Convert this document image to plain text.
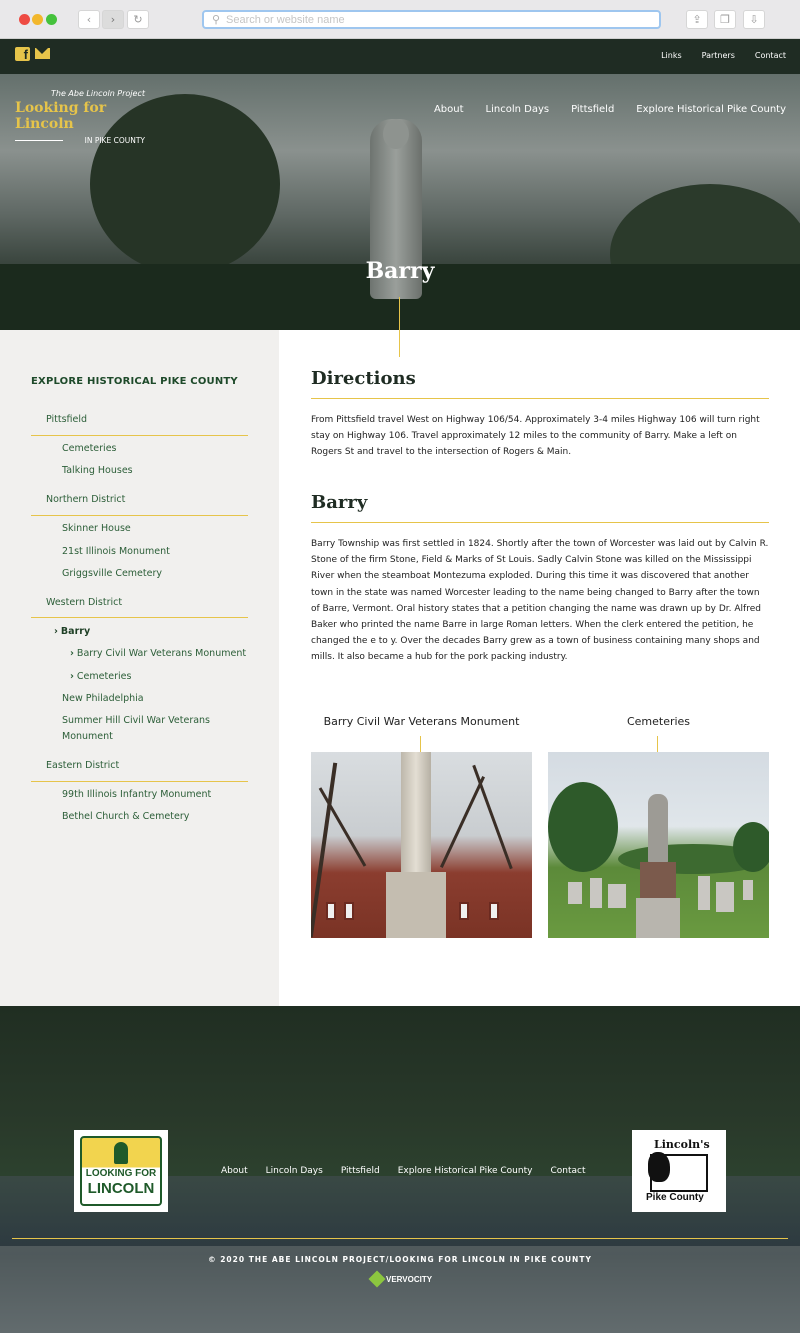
‹	›	↻	⚲
Search or website name	⇪	❐	⇩
f	Links	Partners	Contact
The Abe Lincoln Project
Looking for Lincoln
IN PIKE COUNTY
About Lincoln Days Pittsfield Explore Historical Pike County
Barry
EXPLORE HISTORICAL PIKE COUNTY
Pittsfield
Cemeteries
Talking Houses
Northern District
Skinner House
21st Illinois Monument
Griggsville Cemetery
Western District
› Barry
› Barry Civil War Veterans Monument
› Cemeteries
New Philadelphia
Summer Hill Civil War Veterans Monument
Eastern District
99th Illinois Infantry Monument
Bethel Church & Cemetery
Directions
From Pittsfield travel West on Highway 106/54. Approximately 3-4 miles Highway 106 will turn right stay on Highway 106. Travel approximately 12 miles to the community of Barry. Make a left on Rogers St and travel to the intersection of Rogers & Main.
Barry
Barry Township was first settled in 1824. Shortly after the town of Worcester was laid out by Calvin R. Stone of the firm Stone, Field & Marks of St Louis. Sadly Calvin Stone was killed on the Mississippi River when the steamboat Montezuma exploded. During this time it was discovered that another town in the state was named Worcester leading to the name being changed to Barry after the town of Barre, Vermont. Oral history states that a petition changing the name was drawn up by Dr. Alfred Baker who printed the name Barre in large Roman letters. When the clerk entered the petition, he changed the e to y. Over the decades Barry grew as a town of business containing many shops and mills. It also became a hub for the pork packing industry.
Barry Civil War Veterans Monument	Cemeteries
LOOKING FOR
LINCOLN
About Lincoln Days Pittsfield Explore Historical Pike County Contact
Lincoln's
Pike County
© 2020 THE ABE LINCOLN PROJECT/LOOKING FOR LINCOLN IN PIKE COUNTY
VERVOCITY
